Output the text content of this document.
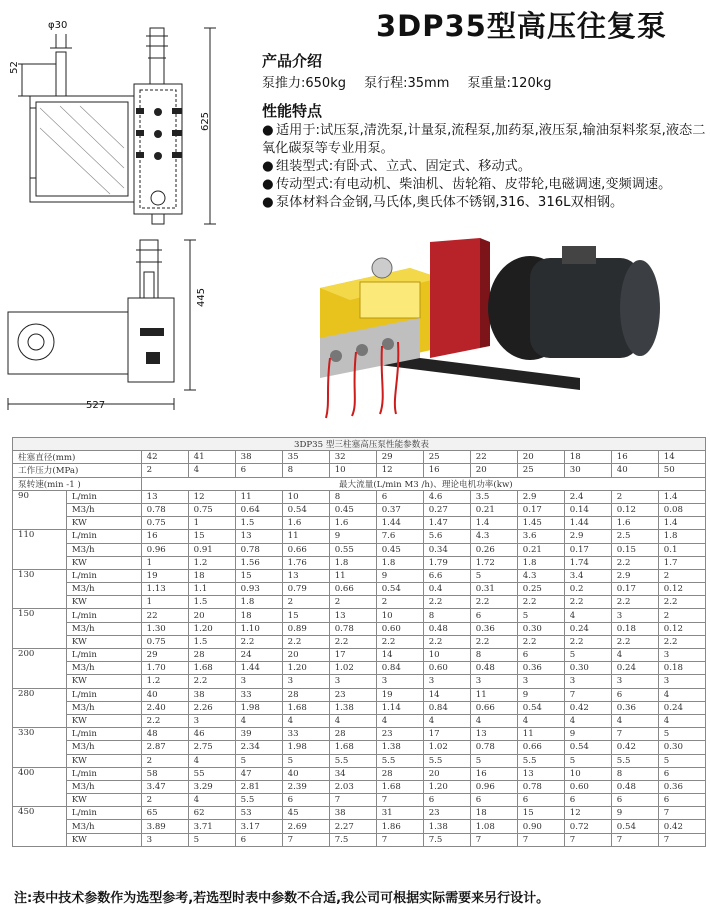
3DP35型高压往复泵
φ30
52
625
产品介绍
泵推力:650kg 泵行程:35mm 泵重量:120kg
性能特点

● 适用于:试压泵,清洗泵,计量泵,流程泵,加药泵,液压泵,输油泵料浆泵,液态二氧化碳泵等专业用泵。

● 组装型式:有卧式、立式、固定式、移动式。

● 传动型式:有电动机、柴油机、齿轮箱、皮带轮,电磁调速,变频调速。

● 泵体材料合金钢,马氏体,奥氏体不锈钢,316、316L双相钢。

445
527
3DP35 型三柱塞高压泵性能参数表													
柱塞直径(mm)		42	41	38	35	32	29	25	22	20	18	16	14
工作压力(MPa)		2	4	6	8	10	12	16	20	25	30	40	50
泵转速(min -1 )		最大流量(L/min M3 /h)、理论电机功率(kw)											
90	L/min	13	12	11	10	8	6	4.6	3.5	2.9	2.4	2	1.4
	M3/h	0.78	0.75	0.64	0.54	0.45	0.37	0.27	0.21	0.17	0.14	0.12	0.08
	KW	0.75	1	1.5	1.6	1.6	1.44	1.47	1.4	1.45	1.44	1.6	1.4
110	L/min	16	15	13	11	9	7.6	5.6	4.3	3.6	2.9	2.5	1.8
	M3/h	0.96	0.91	0.78	0.66	0.55	0.45	0.34	0.26	0.21	0.17	0.15	0.1
	KW	1	1.2	1.56	1.76	1.8	1.8	1.79	1.72	1.8	1.74	2.2	1.7
130	L/min	19	18	15	13	11	9	6.6	5	4.3	3.4	2.9	2
	M3/h	1.13	1.1	0.93	0.79	0.66	0.54	0.4	0.31	0.25	0.2	0.17	0.12
	KW	1	1.5	1.8	2	2	2	2.2	2.2	2.2	2.2	2.2	2.2
150	L/min	22	20	18	15	13	10	8	6	5	4	3	2
	M3/h	1.30	1.20	1.10	0.89	0.78	0.60	0.48	0.36	0.30	0.24	0.18	0.12
	KW	0.75	1.5	2.2	2.2	2.2	2.2	2.2	2.2	2.2	2.2	2.2	2.2
200	L/min	29	28	24	20	17	14	10	8	6	5	4	3
	M3/h	1.70	1.68	1.44	1.20	1.02	0.84	0.60	0.48	0.36	0.30	0.24	0.18
	KW	1.2	2.2	3	3	3	3	3	3	3	3	3	3
280	L/min	40	38	33	28	23	19	14	11	9	7	6	4
	M3/h	2.40	2.26	1.98	1.68	1.38	1.14	0.84	0.66	0.54	0.42	0.36	0.24
	KW	2.2	3	4	4	4	4	4	4	4	4	4	4
330	L/min	48	46	39	33	28	23	17	13	11	9	7	5
	M3/h	2.87	2.75	2.34	1.98	1.68	1.38	1.02	0.78	0.66	0.54	0.42	0.30
	KW	2	4	5	5	5.5	5.5	5.5	5	5.5	5	5.5	5
400	L/min	58	55	47	40	34	28	20	16	13	10	8	6
	M3/h	3.47	3.29	2.81	2.39	2.03	1.68	1.20	0.96	0.78	0.60	0.48	0.36
	KW	2	4	5.5	6	7	7	6	6	6	6	6	6
450	L/min	65	62	53	45	38	31	23	18	15	12	9	7
	M3/h	3.89	3.71	3.17	2.69	2.27	1.86	1.38	1.08	0.90	0.72	0.54	0.42
	KW	3	5	6	7	7.5	7	7.5	7	7	7	7	7
注:表中技术参数作为选型参考,若选型时表中参数不合适,我公司可根据实际需要来另行设计。
